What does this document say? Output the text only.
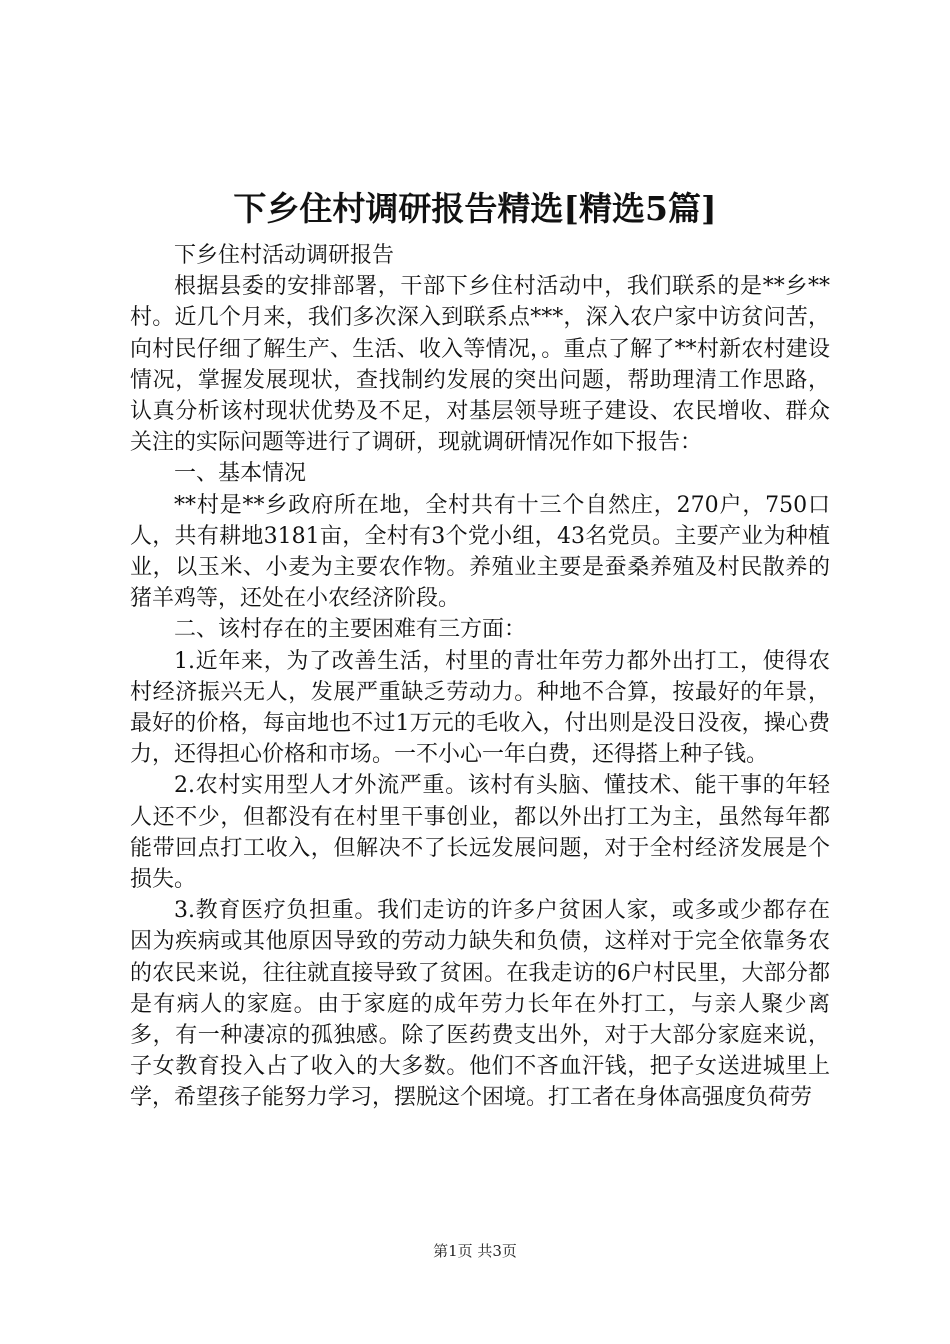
下乡住村调研报告精选[精选5篇]

下乡住村活动调研报告

根据县委的安排部署，干部下乡住村活动中，我们联系的是**乡**村。近几个月来，我们多次深入到联系点***，深入农户家中访贫问苦，向村民仔细了解生产、生活、收入等情况，。重点了解了**村新农村建设情况，掌握发展现状，查找制约发展的突出问题，帮助理清工作思路，认真分析该村现状优势及不足，对基层领导班子建设、农民增收、群众关注的实际问题等进行了调研，现就调研情况作如下报告：

一、基本情况

**村是**乡政府所在地，全村共有十三个自然庄，270户，750口人，共有耕地3181亩，全村有3个党小组，43名党员。主要产业为种植业，以玉米、小麦为主要农作物。养殖业主要是蚕桑养殖及村民散养的猪羊鸡等，还处在小农经济阶段。

二、该村存在的主要困难有三方面：

1.近年来，为了改善生活，村里的青壮年劳力都外出打工，使得农村经济振兴无人，发展严重缺乏劳动力。种地不合算，按最好的年景，最好的价格，每亩地也不过1万元的毛收入，付出则是没日没夜，操心费力，还得担心价格和市场。一不小心一年白费，还得搭上种子钱。

2.农村实用型人才外流严重。该村有头脑、懂技术、能干事的年轻人还不少，但都没有在村里干事创业，都以外出打工为主，虽然每年都能带回点打工收入，但解决不了长远发展问题，对于全村经济发展是个损失。

3.教育医疗负担重。我们走访的许多户贫困人家，或多或少都存在因为疾病或其他原因导致的劳动力缺失和负债，这样对于完全依靠务农的农民来说，往往就直接导致了贫困。在我走访的6户村民里，大部分都是有病人的家庭。由于家庭的成年劳力长年在外打工，与亲人聚少离多，有一种凄凉的孤独感。除了医药费支出外，对于大部分家庭来说，子女教育投入占了收入的大多数。他们不吝血汗钱，把子女送进城里上学，希望孩子能努力学习，摆脱这个困境。打工者在身体高强度负荷劳

第1页 共3页
